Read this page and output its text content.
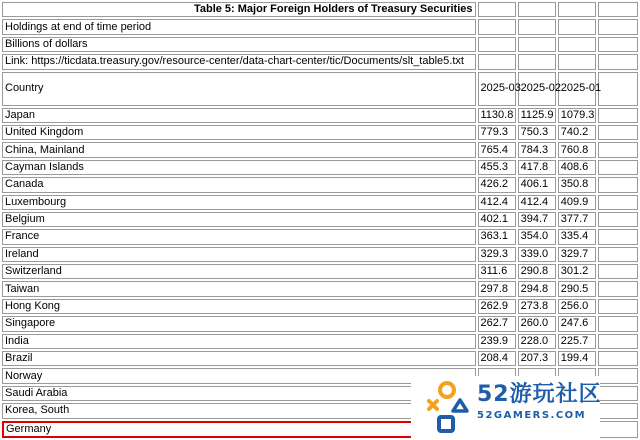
Table 5: Major Foreign Holders of Treasury Securities				
Holdings at end of time period				
Billions of dollars				
Link: https://ticdata.treasury.gov/resource-center/data-chart-center/tic/Documents/slt_table5.txt				
Country	2025-03	2025-02	2025-01	
Japan	1130.8	1125.9	1079.3	
United Kingdom	779.3	750.3	740.2	
China, Mainland	765.4	784.3	760.8	
Cayman Islands	455.3	417.8	408.6	
Canada	426.2	406.1	350.8	
Luxembourg	412.4	412.4	409.9	
Belgium	402.1	394.7	377.7	
France	363.1	354.0	335.4	
Ireland	329.3	339.0	329.7	
Switzerland	311.6	290.8	301.2	
Taiwan	297.8	294.8	290.5	
Hong Kong	262.9	273.8	256.0	
Singapore	262.7	260.0	247.6	
India	239.9	228.0	225.7	
Brazil	208.4	207.3	199.4	
Norway				
Saudi Arabia				
Korea, South				
Germany				
52游玩社区
52GAMERS.COM
